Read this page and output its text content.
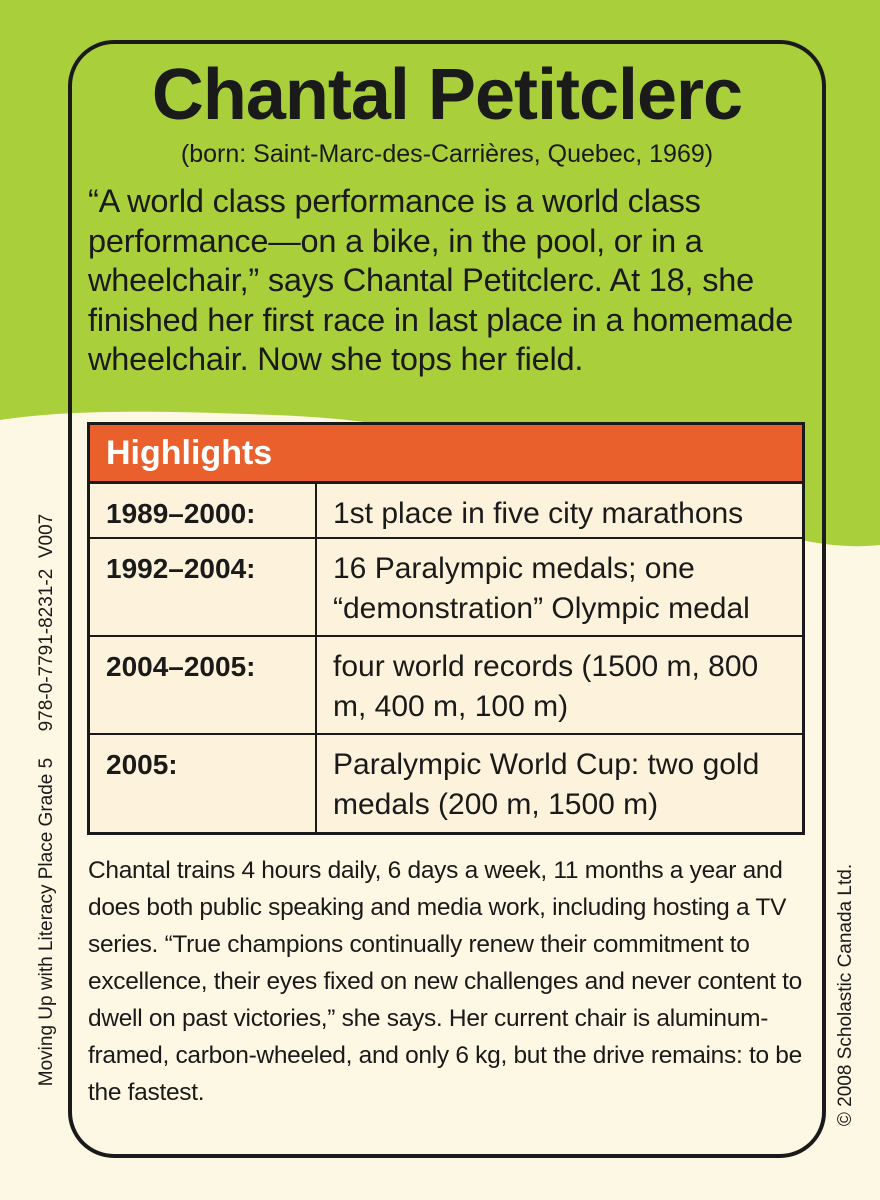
Chantal Petitclerc
(born: Saint-Marc-des-Carrières, Quebec, 1969)
“A world class performance is a world class performance—on a bike, in the pool, or in a wheelchair,” says Chantal Petitclerc. At 18, she finished her first race in last place in a homemade wheelchair. Now she tops her field.
Highlights
1989–2000:	1st place in five city marathons
1992–2004:	16 Paralympic medals; one “demonstration” Olympic medal
2004–2005:	four world records (1500 m, 800 m, 400 m, 100 m)
2005:	Paralympic World Cup: two gold medals (200 m, 1500 m)
Chantal trains 4 hours daily, 6 days a week, 11 months a year and does both public speaking and media work, including hosting a TV series. “True champions continually renew their commitment to excellence, their eyes fixed on new challenges and never content to dwell on past victories,” she says. Her current chair is aluminum-framed, carbon-wheeled, and only 6 kg, but the drive remains: to be the fastest.
Moving Up with Literacy Place Grade 5     978-0-7791-8231-2  V007	© 2008 Scholastic Canada Ltd.
